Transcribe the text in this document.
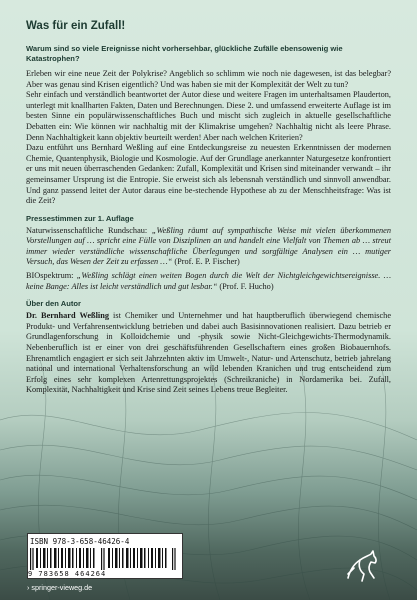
Was für ein Zufall!
Warum sind so viele Ereignisse nicht vorhersehbar, glückliche Zufälle ebensowenig wie Katastrophen?

Erleben wir eine neue Zeit der Polykrise? Angeblich so schlimm wie noch nie dagewesen, ist das belegbar? Aber was genau sind Krisen eigentlich? Und was haben sie mit der Komplexität der Welt zu tun?

Sehr einfach und verständlich beantwortet der Autor diese und weitere Fragen im unterhaltsamen Plauderton, unterlegt mit knallharten Fakten, Daten und Berechnungen. Diese 2. und umfassend erweiterte Auflage ist im besten Sinne ein populärwissenschaftliches Buch und mischt sich zugleich in aktuelle gesellschaftliche Debatten ein: Wie können wir nachhaltig mit der Klimakrise umgehen? Nachhaltig nicht als leere Phrase. Denn Nachhaltigkeit kann objektiv beurteilt werden! Aber nach welchen Kriterien?

Dazu entführt uns Bernhard Weßling auf eine Entdeckungsreise zu neuesten Erkenntnissen der modernen Chemie, Quantenphysik, Biologie und Kosmologie. Auf der Grundlage anerkannter Naturgesetze konfrontiert er uns mit neuen überraschenden Gedanken: Zufall, Komplexität und Krisen sind miteinander verwandt – ihr gemeinsamer Ursprung ist die Entropie. Sie erweist sich als lebensnah verständlich und sinnvoll anwendbar. Und ganz passend leitet der Autor daraus eine be-stechende Hypothese ab zu der Menschheitsfrage: Was ist die Zeit?

Pressestimmen zur 1. Auflage
Naturwissenschaftliche Rundschau: „Weßling räumt auf sympathische Weise mit vielen überkommenen Vorstellungen auf … spricht eine Fülle von Disziplinen an und handelt eine Vielfalt von Themen ab … streut immer wieder verständliche wissenschaftliche Überlegungen und sorgfältige Analysen ein … mutiger Versuch, das Wesen der Zeit zu erfassen …“ (Prof. E. P. Fischer)
BIOspektrum: „Weßling schlägt einen weiten Bogen durch die Welt der Nichtgleichgewichtsereignisse. … keine Bange: Alles ist leicht verständlich und gut lesbar.“ (Prof. F. Hucho)
Über den Autor

Dr. Bernhard Weßling ist Chemiker und Unternehmer und hat hauptberuflich überwiegend chemische Produkt- und Verfahrensentwicklung betrieben und dabei auch Basisinnovationen realisiert. Dazu betrieb er Grundlagenforschung in Kolloidchemie und -physik sowie Nicht-Gleichgewichts-Thermodynamik. Nebenberuflich ist er einer von drei geschäftsführenden Gesellschaftern eines großen Biobauernhofs. Ehrenamtlich engagiert er sich seit Jahrzehnten aktiv im Umwelt-, Natur- und Artenschutz, betrieb jahrelang national und international Verhaltensforschung an wild lebenden Kranichen und trug entscheidend zum Erfolg eines sehr komplexen Artenrettungsprojektes (Schreikraniche) in Nordamerika bei. Zufall, Komplexität, Nachhaltigkeit und Krise sind Zeit seines Lebens treue Begleiter.

ISBN 978-3-658-46426-4
9 783658 464264
› springer-vieweg.de
